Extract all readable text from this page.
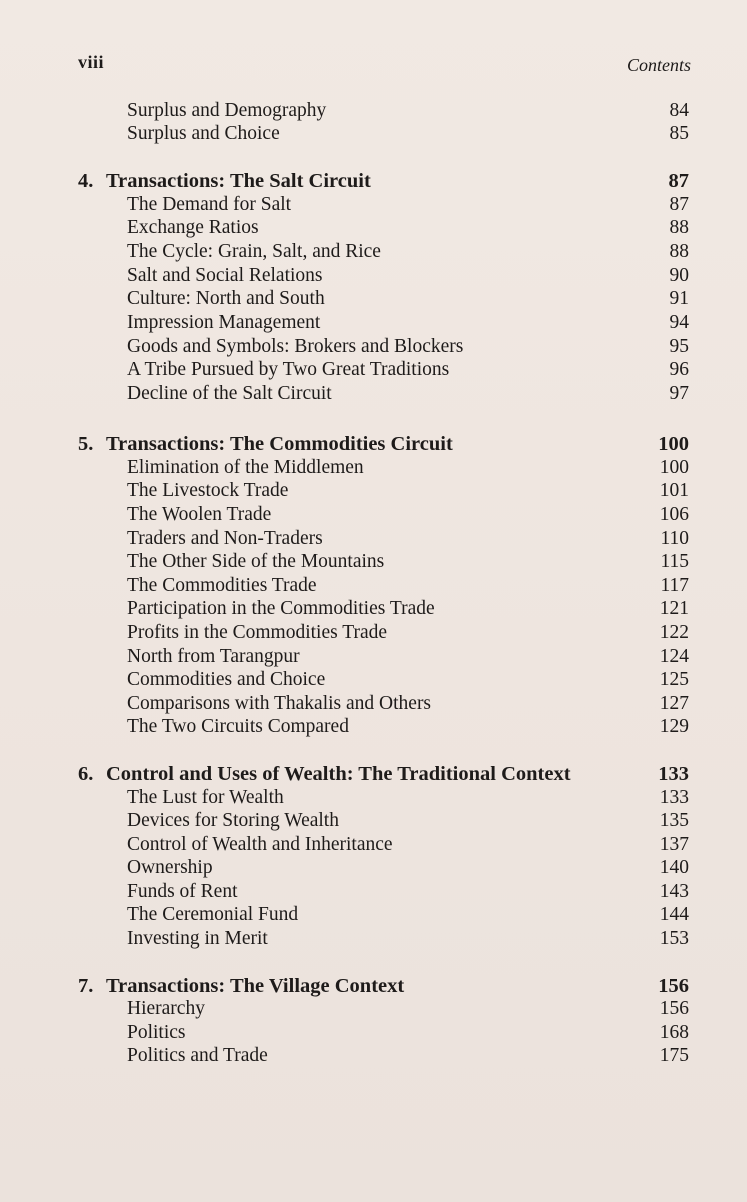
viii	Contents
Surplus and Demography	84
Surplus and Choice	85
4. Transactions: The Salt Circuit	87
The Demand for Salt	87
Exchange Ratios	88
The Cycle: Grain, Salt, and Rice	88
Salt and Social Relations	90
Culture: North and South	91
Impression Management	94
Goods and Symbols: Brokers and Blockers	95
A Tribe Pursued by Two Great Traditions	96
Decline of the Salt Circuit	97
5. Transactions: The Commodities Circuit	100
Elimination of the Middlemen	100
The Livestock Trade	101
The Woolen Trade	106
Traders and Non-Traders	110
The Other Side of the Mountains	115
The Commodities Trade	117
Participation in the Commodities Trade	121
Profits in the Commodities Trade	122
North from Tarangpur	124
Commodities and Choice	125
Comparisons with Thakalis and Others	127
The Two Circuits Compared	129
6. Control and Uses of Wealth: The Traditional Context	133
The Lust for Wealth	133
Devices for Storing Wealth	135
Control of Wealth and Inheritance	137
Ownership	140
Funds of Rent	143
The Ceremonial Fund	144
Investing in Merit	153
7. Transactions: The Village Context	156
Hierarchy	156
Politics	168
Politics and Trade	175
